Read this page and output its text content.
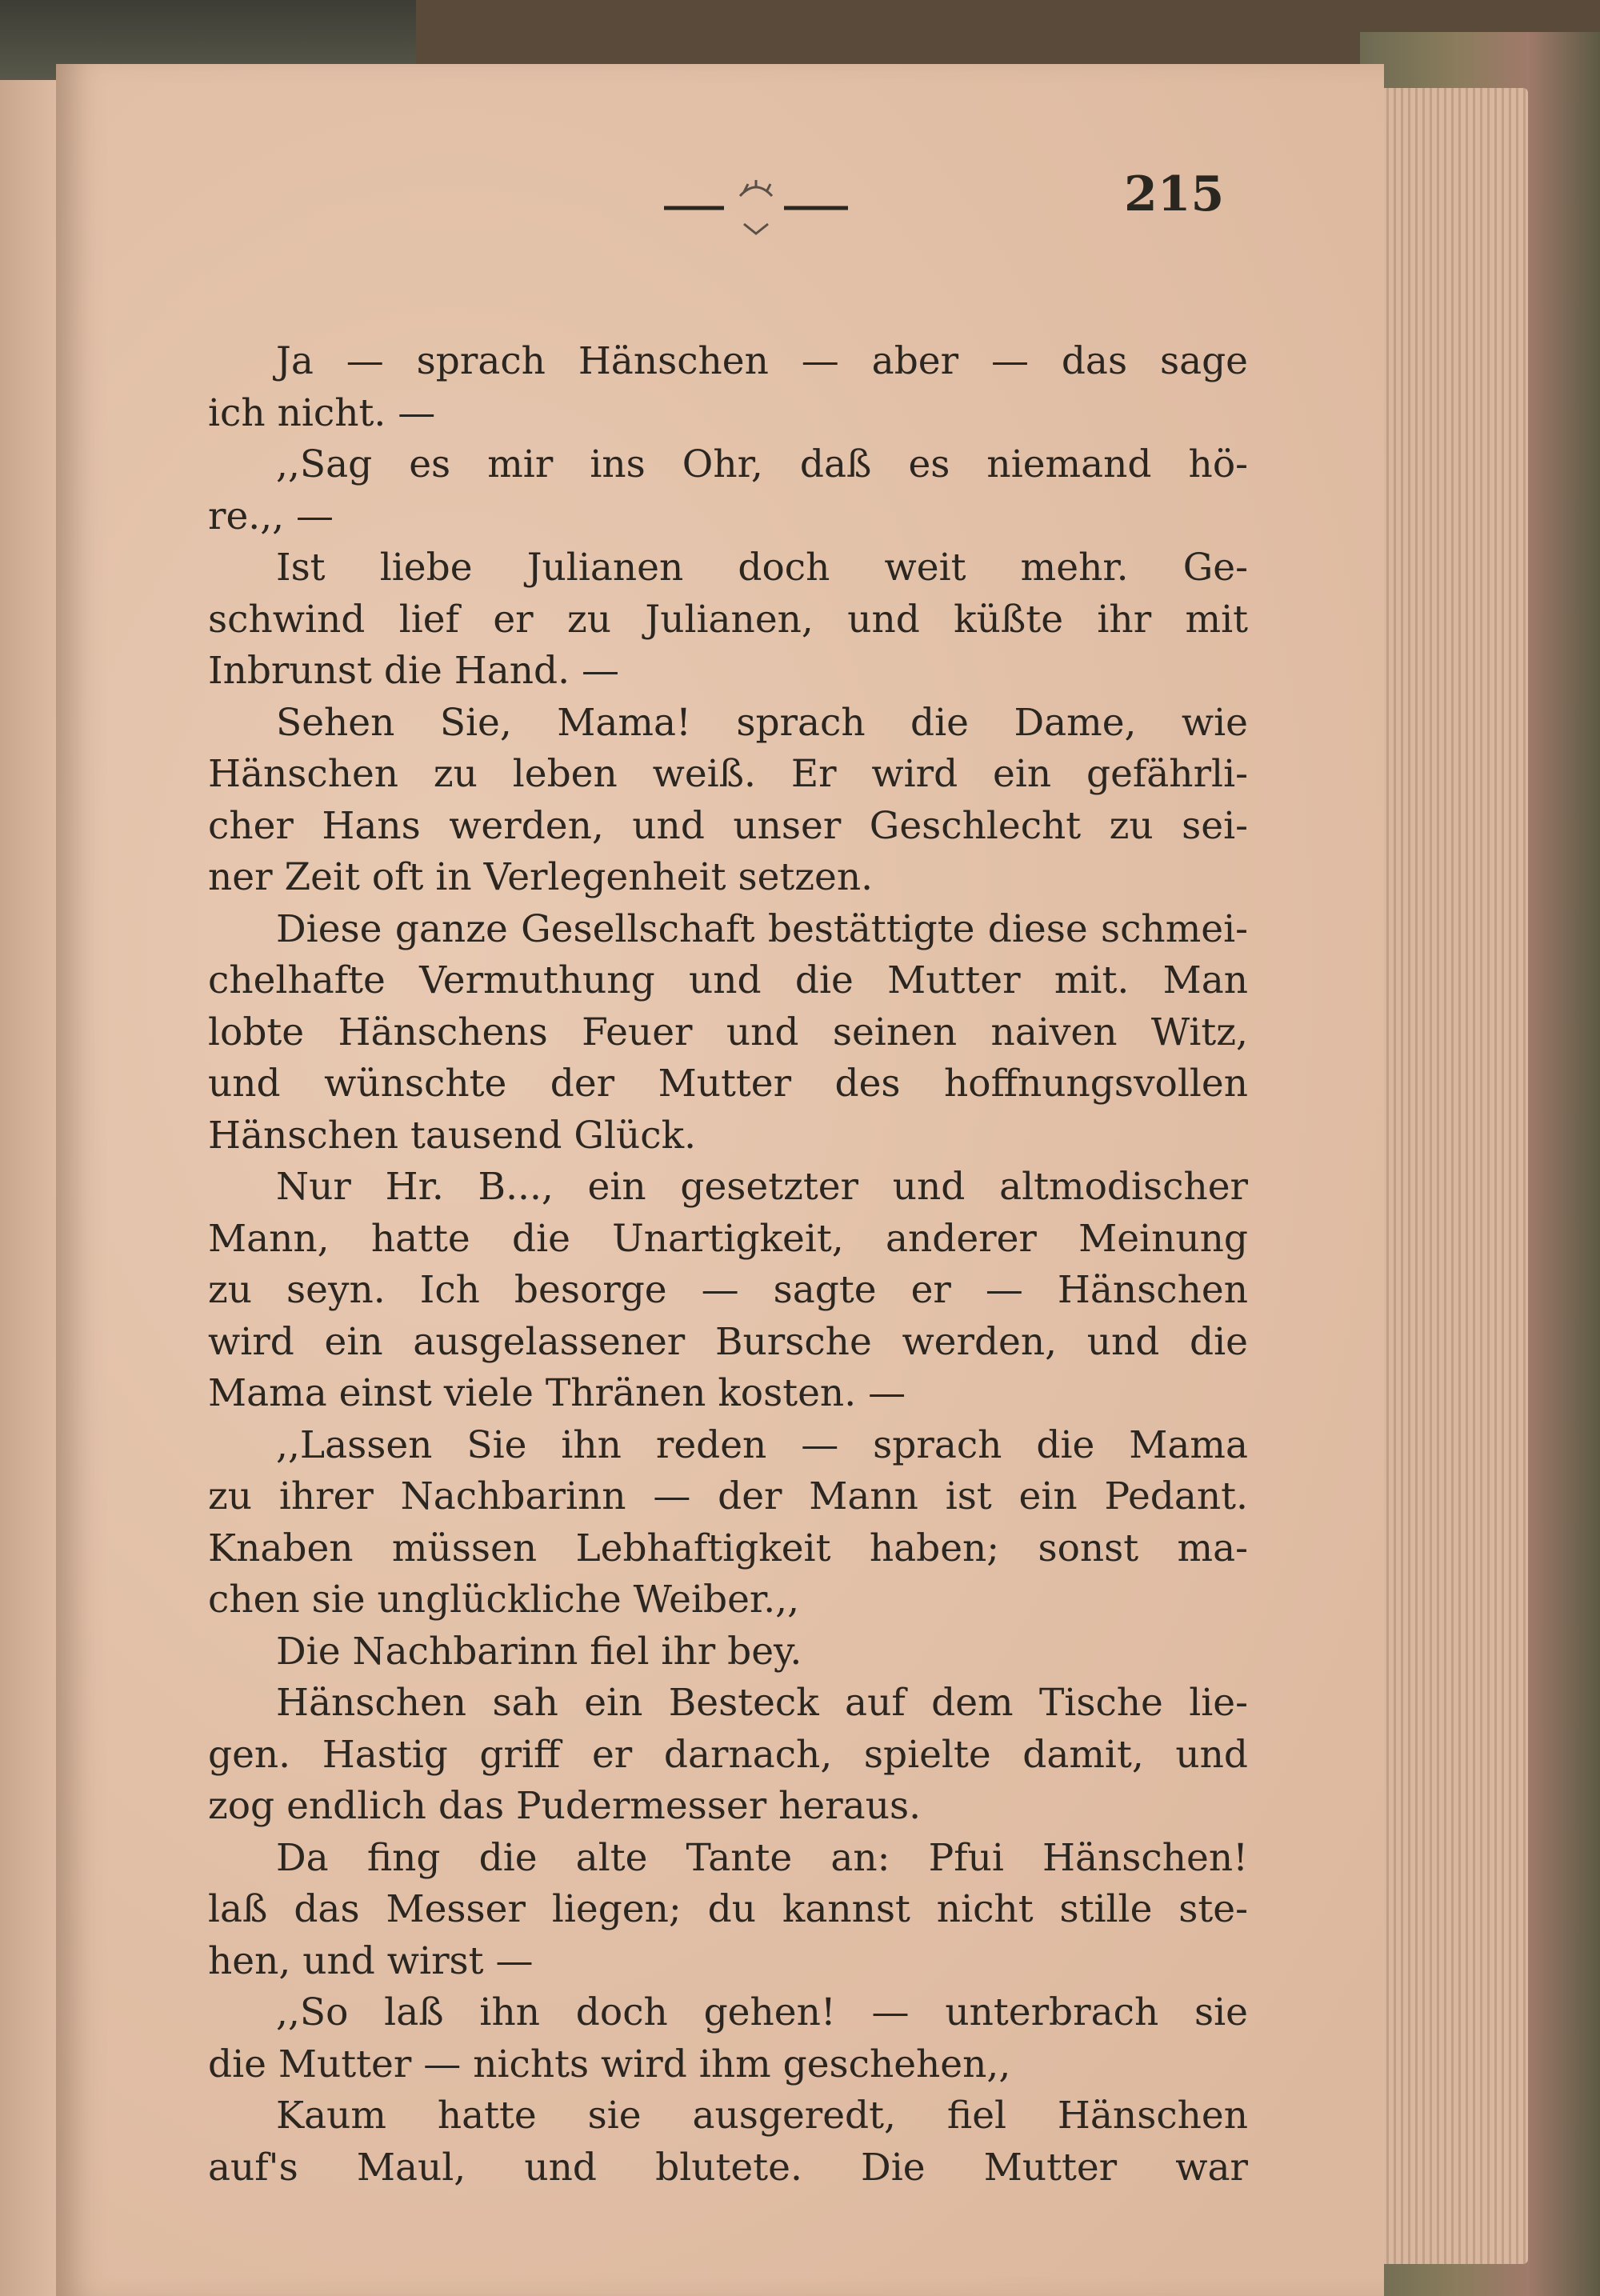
215
Ja — sprach Hänschen — aber — das sage
ich nicht. —
,,Sag es mir ins Ohr, daß es niemand hö-
re.,, —
Ist liebe Julianen doch weit mehr. Ge-
schwind lief er zu Julianen, und küßte ihr mit
Inbrunst die Hand. —
Sehen Sie, Mama! sprach die Dame, wie
Hänschen zu leben weiß. Er wird ein gefährli-
cher Hans werden, und unser Geschlecht zu sei-
ner Zeit oft in Verlegenheit setzen.
Diese ganze Gesellschaft bestättigte diese schmei-
chelhafte Vermuthung und die Mutter mit. Man
lobte Hänschens Feuer und seinen naiven Witz,
und wünschte der Mutter des hoffnungsvollen
Hänschen tausend Glück.
Nur Hr. B..., ein gesetzter und altmodischer
Mann, hatte die Unartigkeit, anderer Meinung
zu seyn. Ich besorge — sagte er — Hänschen
wird ein ausgelassener Bursche werden, und die
Mama einst viele Thränen kosten. —
,,Lassen Sie ihn reden — sprach die Mama
zu ihrer Nachbarinn — der Mann ist ein Pedant.
Knaben müssen Lebhaftigkeit haben; sonst ma-
chen sie unglückliche Weiber.,,
Die Nachbarinn fiel ihr bey.
Hänschen sah ein Besteck auf dem Tische lie-
gen. Hastig griff er darnach, spielte damit, und
zog endlich das Pudermesser heraus.
Da fing die alte Tante an: Pfui Hänschen!
laß das Messer liegen; du kannst nicht stille ste-
hen, und wirst —
,,So laß ihn doch gehen! — unterbrach sie
die Mutter — nichts wird ihm geschehen,,
Kaum hatte sie ausgeredt, fiel Hänschen
auf's Maul, und blutete. Die Mutter war
